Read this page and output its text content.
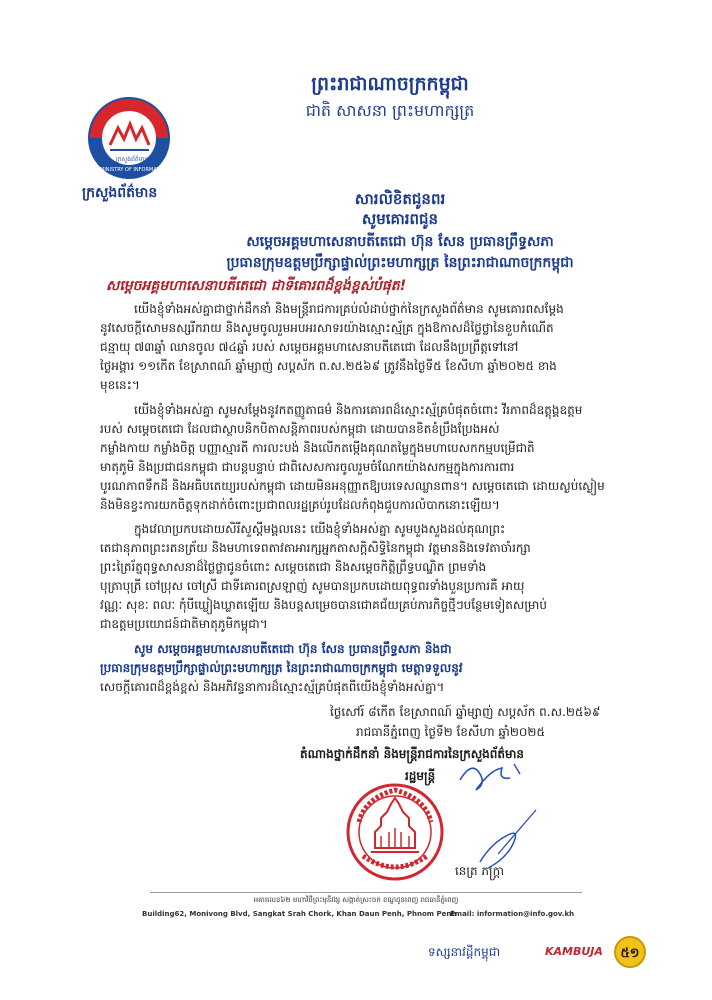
ព្រះរាជាណាចក្រកម្ពុជា
ជាតិ សាសនា ព្រះមហាក្សត្រ
ក្រសួងព័ត៌មាន
MINISTRY OF INFORMATION
ក្រសួងព័ត៌មាន	សារលិខិតជូនពរ
សូមគោរពជូន
សម្តេចអគ្គមហាសេនាបតីតេជោ ហ៊ុន សែន ប្រធានព្រឹទ្ធសភា
ប្រធានក្រុមឧត្តមប្រឹក្សាផ្ទាល់ព្រះមហាក្សត្រ នៃព្រះរាជាណាចក្រកម្ពុជា
សម្តេចអគ្គមហាសេនាបតីតេជោ ជាទីគោរពដ៏ខ្ពង់ខ្ពស់បំផុត!
យើងខ្ញុំទាំងអស់គ្នាជាថ្នាក់ដឹកនាំ និងមន្ត្រីរាជការគ្រប់លំដាប់ថ្នាក់នៃក្រសួងព័ត៌មាន សូមគោរពសម្តែង
នូវសេចក្តីសោមនស្សរីករាយ និងសូមចូលរួមអបអរសាទរយ៉ាងស្មោះស្ម័គ្រ ក្នុងឱកាសដ៏ថ្លៃថ្លានៃខួបកំណើត
ជន្មាយុ ៧៣ឆ្នាំ ឈានចូល ៧៤ឆ្នាំ របស់ សម្តេចអគ្គមហាសេនាបតីតេជោ ដែលនឹងប្រព្រឹត្តទៅនៅ
ថ្ងៃអង្គារ ១១កើត ខែស្រាពណ៍ ឆ្នាំម្សាញ់ សប្តស័ក ព.ស.២៥៦៩ ត្រូវនឹងថ្ងៃទី៥ ខែសីហា ឆ្នាំ២០២៥ ខាង
មុខនេះ។
យើងខ្ញុំទាំងអស់គ្នា សូមសម្តែងនូវកតញ្ញូតាធម៌ និងការគោរពដ៏ស្មោះស្ម័គ្របំផុតចំពោះ វីរភាពដ៏ឧត្តុង្គឧត្តម
របស់ សម្តេចតេជោ ដែលជាស្ថាបនិកបិតាសន្តិភាពរបស់កម្ពុជា ដោយបានខិតខំប្រឹងប្រែងអស់
កម្លាំងកាយ កម្លាំងចិត្ត បញ្ញាស្មារតី ការលះបង់ និងលើកតម្កើងគុណតម្លៃក្នុងមហាបេសកកម្មបម្រើជាតិ
មាតុភូមិ និងប្រជាជនកម្ពុជា ជាបន្តបន្ទាប់ ជាពិសេសការចូលរួមចំណែកយ៉ាងសកម្មក្នុងការការពារ
បូរណភាពទឹកដី និងអធិបតេយ្យរបស់កម្ពុជា ដោយមិនអនុញ្ញាតឱ្យបរទេសឈ្លានពាន។ សម្តេចតេជោ ដោយស្ងប់ស្ងៀម
និងមិនខ្វះការយកចិត្តទុកដាក់ចំពោះប្រជាពលរដ្ឋគ្រប់រូបដែលកំពុងជួបការលំបាកនោះឡើយ។
ក្នុងវេលាប្រកបដោយសិរីសួស្តីមង្គលនេះ យើងខ្ញុំទាំងអស់គ្នា សូមបួងសួងដល់គុណព្រះ
តេជានុភាពព្រះរតនត្រ័យ និងមហាទេពតាវតាអារក្សអ្នកតាសក្តិសិទ្ធិនៃកម្ពុជា វត្តមាននិងទេវតាចាំរក្សា
ព្រះត្រៃរ័ត្នពុទ្ធសាសនាដ៏ថ្លៃថ្លាជូនចំពោះ សម្តេចតេជោ និងសម្តេចកិត្តិព្រឹទ្ធបណ្ឌិត ព្រមទាំង
បុត្រាបុត្រី ចៅប្រុស ចៅស្រី ជាទីគោរពស្រឡាញ់ សូមបានប្រកបដោយពុទ្ធពរទាំងបួនប្រការគឺ អាយុ
វណ្ណៈ សុខៈ ពលៈ កុំបីឃ្លៀងឃ្លាតឡើយ និងបន្តសម្រេចបានជោគជ័យគ្រប់ភារកិច្ចថ្មីៗបន្ថែមទៀតសម្រាប់
ជាឧត្តមប្រយោជន៍ជាតិមាតុភូមិកម្ពុជា។
សូម សម្តេចអគ្គមហាសេនាបតីតេជោ ហ៊ុន សែន ប្រធានព្រឹទ្ធសភា និងជា
ប្រធានក្រុមឧត្តមប្រឹក្សាផ្ទាល់ព្រះមហាក្សត្រ នៃព្រះរាជាណាចក្រកម្ពុជា មេត្តាទទួលនូវ
សេចក្តីគោរពដ៏ខ្ពង់ខ្ពស់ និងអភិវន្ទនាការដ៏ស្មោះស្ម័គ្របំផុតពីយើងខ្ញុំទាំងអស់គ្នា។
ថ្ងៃសៅរ៍ ៨កើត ខែស្រាពណ៍ ឆ្នាំម្សាញ់ សប្តស័ក ព.ស.២៥៦៩
រាជធានីភ្នំពេញ ថ្ងៃទី២ ខែសីហា ឆ្នាំ២០២៥
តំណាងថ្នាក់ដឹកនាំ និងមន្ត្រីរាជការនៃក្រសួងព័ត៌មាន
រដ្ឋមន្ត្រី
នេត្រ ភក្ត្រា
អគារលេខ៦២ មហាវិថីព្រះមុនីវង្ស សង្កាត់ស្រះចក ខណ្ឌដូនពេញ រាជធានីភ្នំពេញ
Building62, Monivong Blvd, Sangkat Srah Chork, Khan Daun Penh, Phnom Penh
Email: information@info.gov.kh
ទស្សនាវដ្តីកម្ពុជា	KAMBUJA	៥១
